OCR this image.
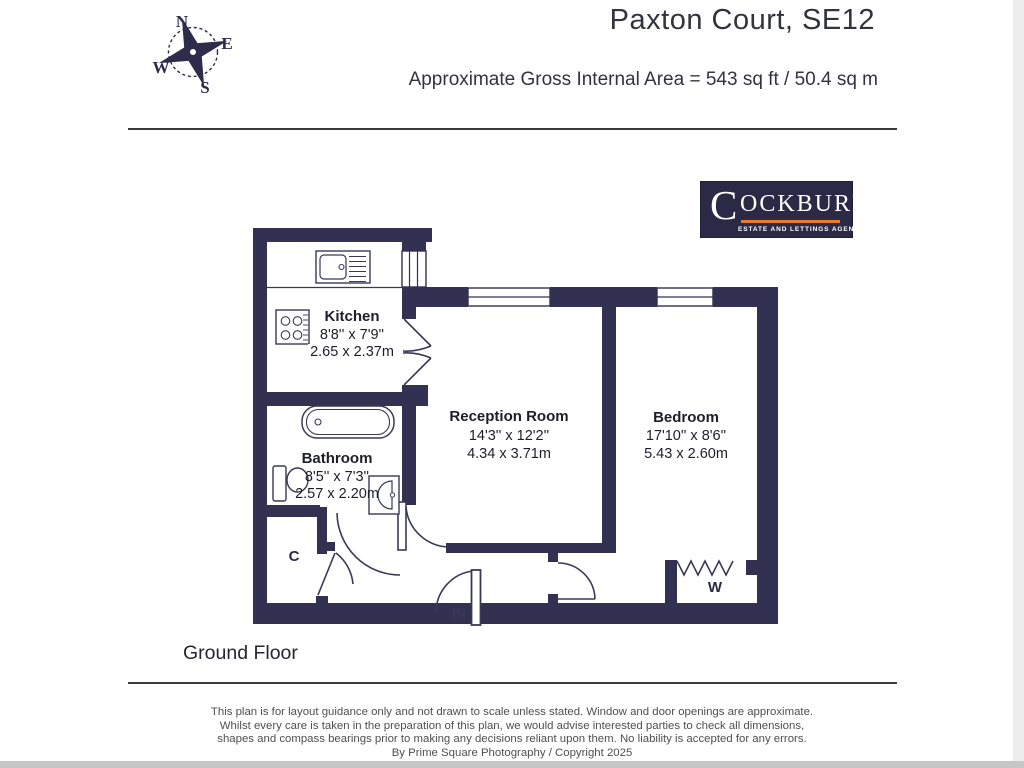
Paxton Court, SE12
Approximate Gross Internal Area = 543 sq ft / 50.4 sq m
C OCKBURN
ESTATE AND LETTINGS AGENTS
N
E
W
S
Kitchen
8'8'' x 7'9''
2.65 x 2.37m
Reception Room
14'3'' x 12'2''
4.34 x 3.71m
Bedroom
17'10'' x 8'6''
5.43 x 2.60m
Bathroom
8'5'' x 7'3''
2.57 x 2.20m
C
W
IN
Ground Floor
This plan is for layout guidance only and not drawn to scale unless stated. Window and door openings are approximate.
Whilst every care is taken in the preparation of this plan, we would advise interested parties to check all dimensions,
shapes and compass bearings prior to making any decisions reliant upon them. No liability is accepted for any errors.
By Prime Square Photography / Copyright 2025
